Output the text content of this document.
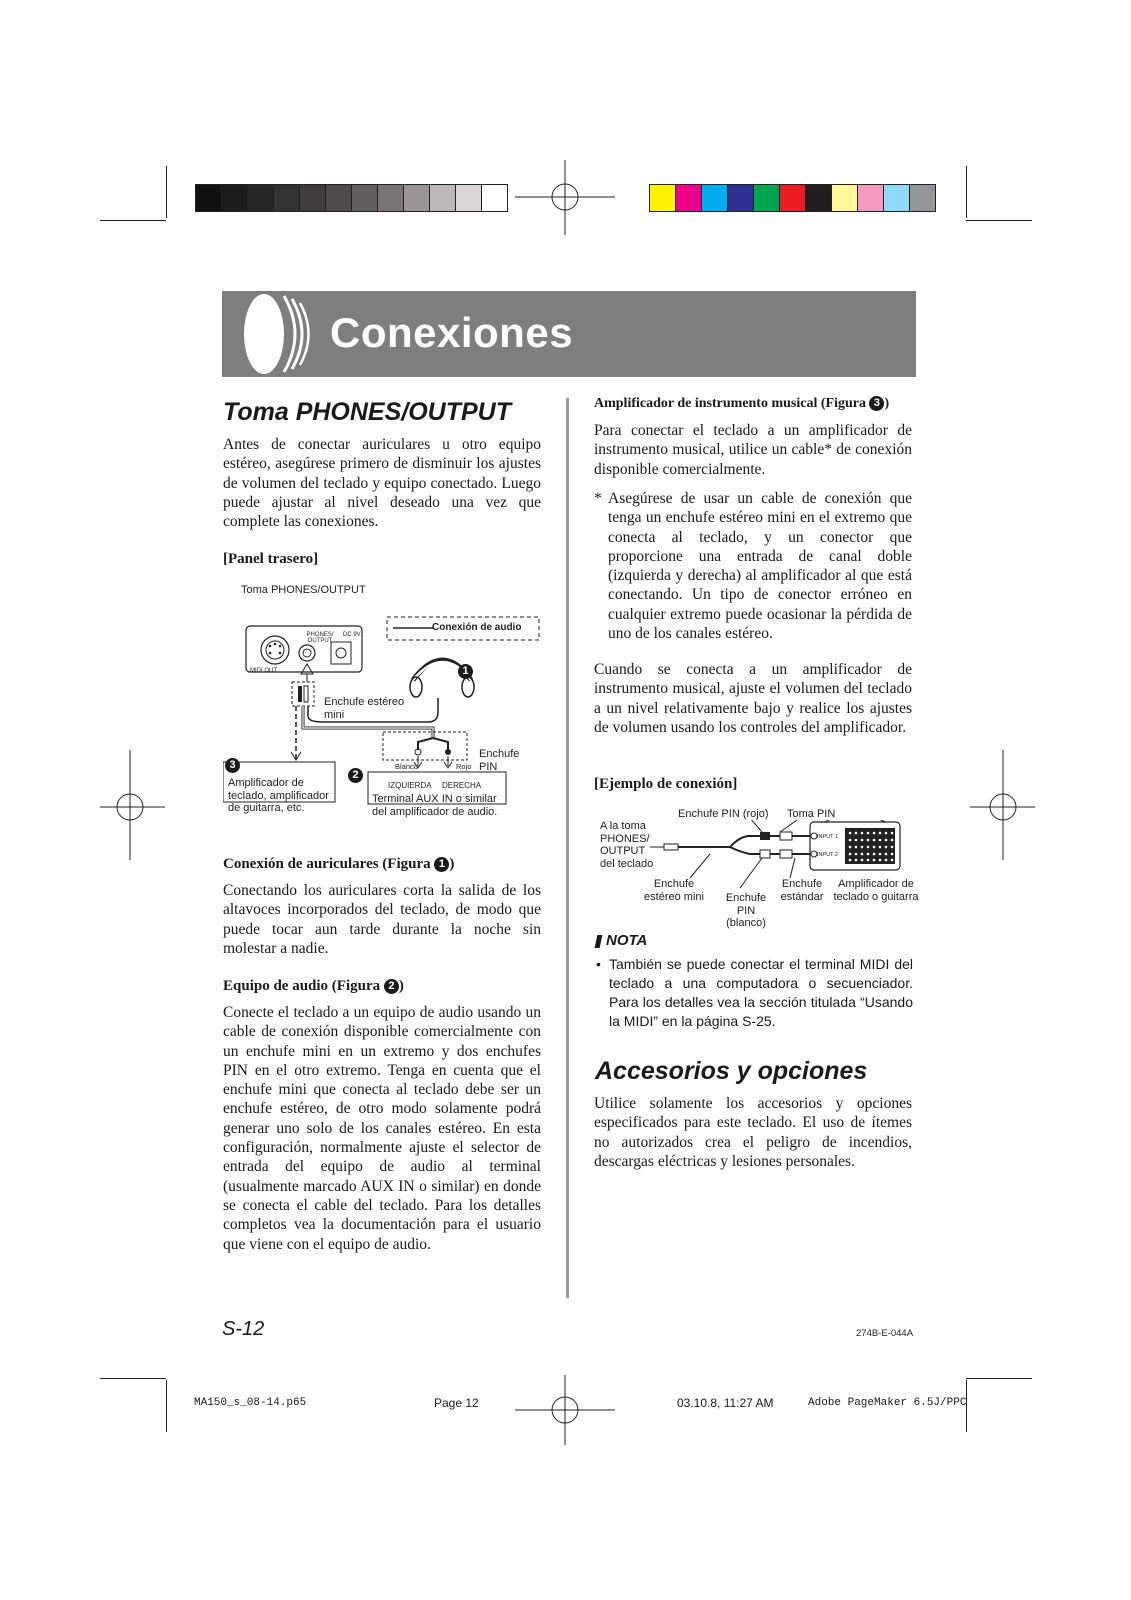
Conexiones
Toma PHONES/OUTPUT
Antes de conectar auriculares u otro equipo estéreo, asegúrese primero de disminuir los ajustes de volumen del teclado y equipo conectado. Luego puede ajustar al nivel deseado una vez que complete las conexiones.
[Panel trasero]
Toma PHONES/OUTPUT
Conexión de audio
PHONES/ OUTPUT
DC 9V
MIDI OUT
Enchufe estéreo mini
Enchufe PIN
Blanco	Rojo
IZQUIERDA DERECHA
Amplificador de teclado, amplificador de guitarra, etc.
Terminal AUX IN o similar del amplificador de audio.
1
2
3
Conexión de auriculares (Figura 1 )
Conectando los auriculares corta la salida de los altavoces incorporados del teclado, de modo que puede tocar aun tarde durante la noche sin molestar a nadie.
Equipo de audio (Figura 2 )
Conecte el teclado a un equipo de audio usando un cable de conexión disponible comercialmente con un enchufe mini en un extremo y dos enchufes PIN en el otro extremo. Tenga en cuenta que el enchufe mini que conecta al teclado debe ser un enchufe estéreo, de otro modo solamente podrá generar uno solo de los canales estéreo. En esta configuración, normalmente ajuste el selector de entrada del equipo de audio al terminal (usualmente marcado AUX IN o similar) en donde se conecta el cable del teclado. Para los detalles completos vea la documentación para el usuario que viene con el equipo de audio.
Amplificador de instrumento musical (Figura 3 )
Para conectar el teclado a un amplificador de instrumento musical, utilice un cable* de conexión disponible comercialmente.
* Asegúrese de usar un cable de conexión que tenga un enchufe estéreo mini en el extremo que conecta al teclado, y un conector que proporcione una entrada de canal doble (izquierda y derecha) al amplificador al que está conectando. Un tipo de conector erróneo en cualquier extremo puede ocasionar la pérdida de uno de los canales estéreo.
Cuando se conecta a un amplificador de instrumento musical, ajuste el volumen del teclado a un nivel relativamente bajo y realice los ajustes de volumen usando los controles del amplificador.
[Ejemplo de conexión]
Enchufe PIN (rojo) Toma PIN
A la toma PHONES/ OUTPUT del teclado
INPUT 1
INPUT 2
Enchufe estéreo mini	Enchufe PIN (blanco)
Enchufe estándar
Amplificador de teclado o guitarra
NOTA
• También se puede conectar el terminal MIDI del teclado a una computadora o secuenciador. Para los detalles vea la sección titulada “Usando la MIDI” en la página S-25.
Accesorios y opciones
Utilice solamente los accesorios y opciones especificados para este teclado. El uso de ítemes no autorizados crea el peligro de incendios, descargas eléctricas y lesiones personales.
S-12	274B-E-044A
MA150_s_08-14.p65	Page 12	03.10.8, 11:27 AM	Adobe PageMaker 6.5J/PPC
